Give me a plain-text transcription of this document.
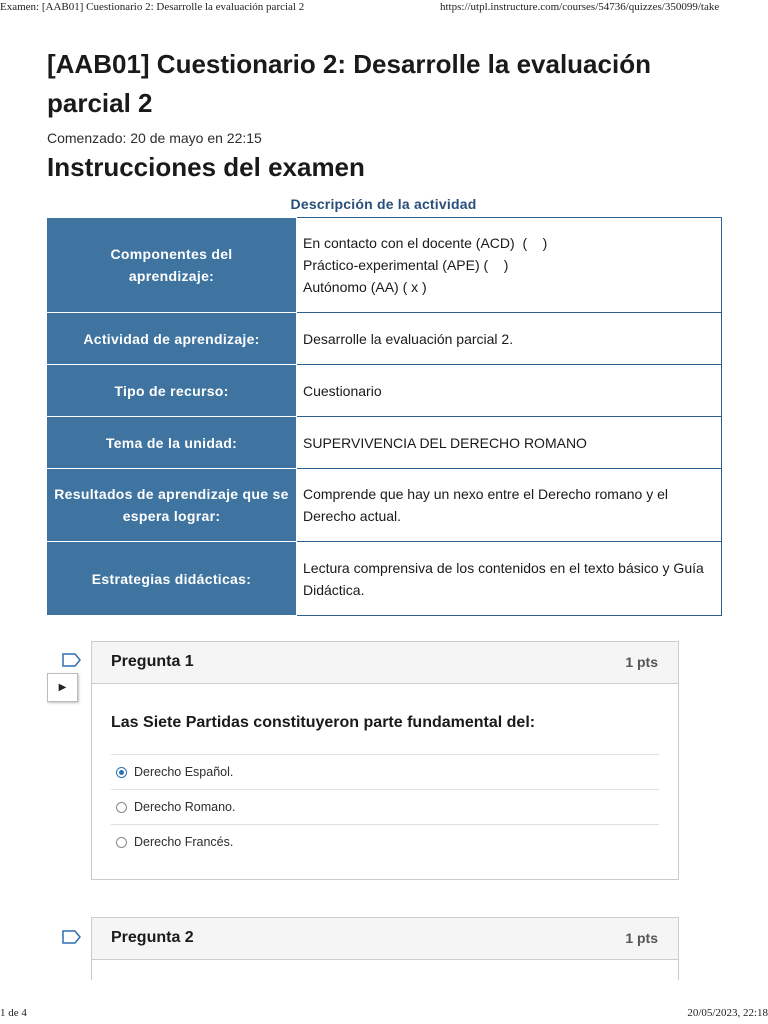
Examen: [AAB01] Cuestionario 2: Desarrolle la evaluación parcial 2	https://utpl.instructure.com/courses/54736/quizzes/350099/take
[AAB01] Cuestionario 2: Desarrolle la evaluación parcial 2
Comenzado: 20 de mayo en 22:15
Instrucciones del examen
Descripción de la actividad
Componentes del aprendizaje:	En contacto con el docente (ACD)  (    )
Práctico-experimental (APE) (    )
Autónomo (AA) ( x )

Actividad de aprendizaje:	Desarrolle la evaluación parcial 2.
Tipo de recurso:	Cuestionario
Tema de la unidad:	SUPERVIVENCIA DEL DERECHO ROMANO
Resultados de aprendizaje que se espera lograr:	Comprende que hay un nexo entre el Derecho romano y el Derecho actual.
Estrategias didácticas:	Lectura comprensiva de los contenidos en el texto básico y Guía Didáctica.
▶
Pregunta 1	1 pts
Las Siete Partidas constituyeron parte fundamental del:
Derecho Español.
Derecho Romano.
Derecho Francés.
Pregunta 2	1 pts
1 de 4	20/05/2023, 22:18
